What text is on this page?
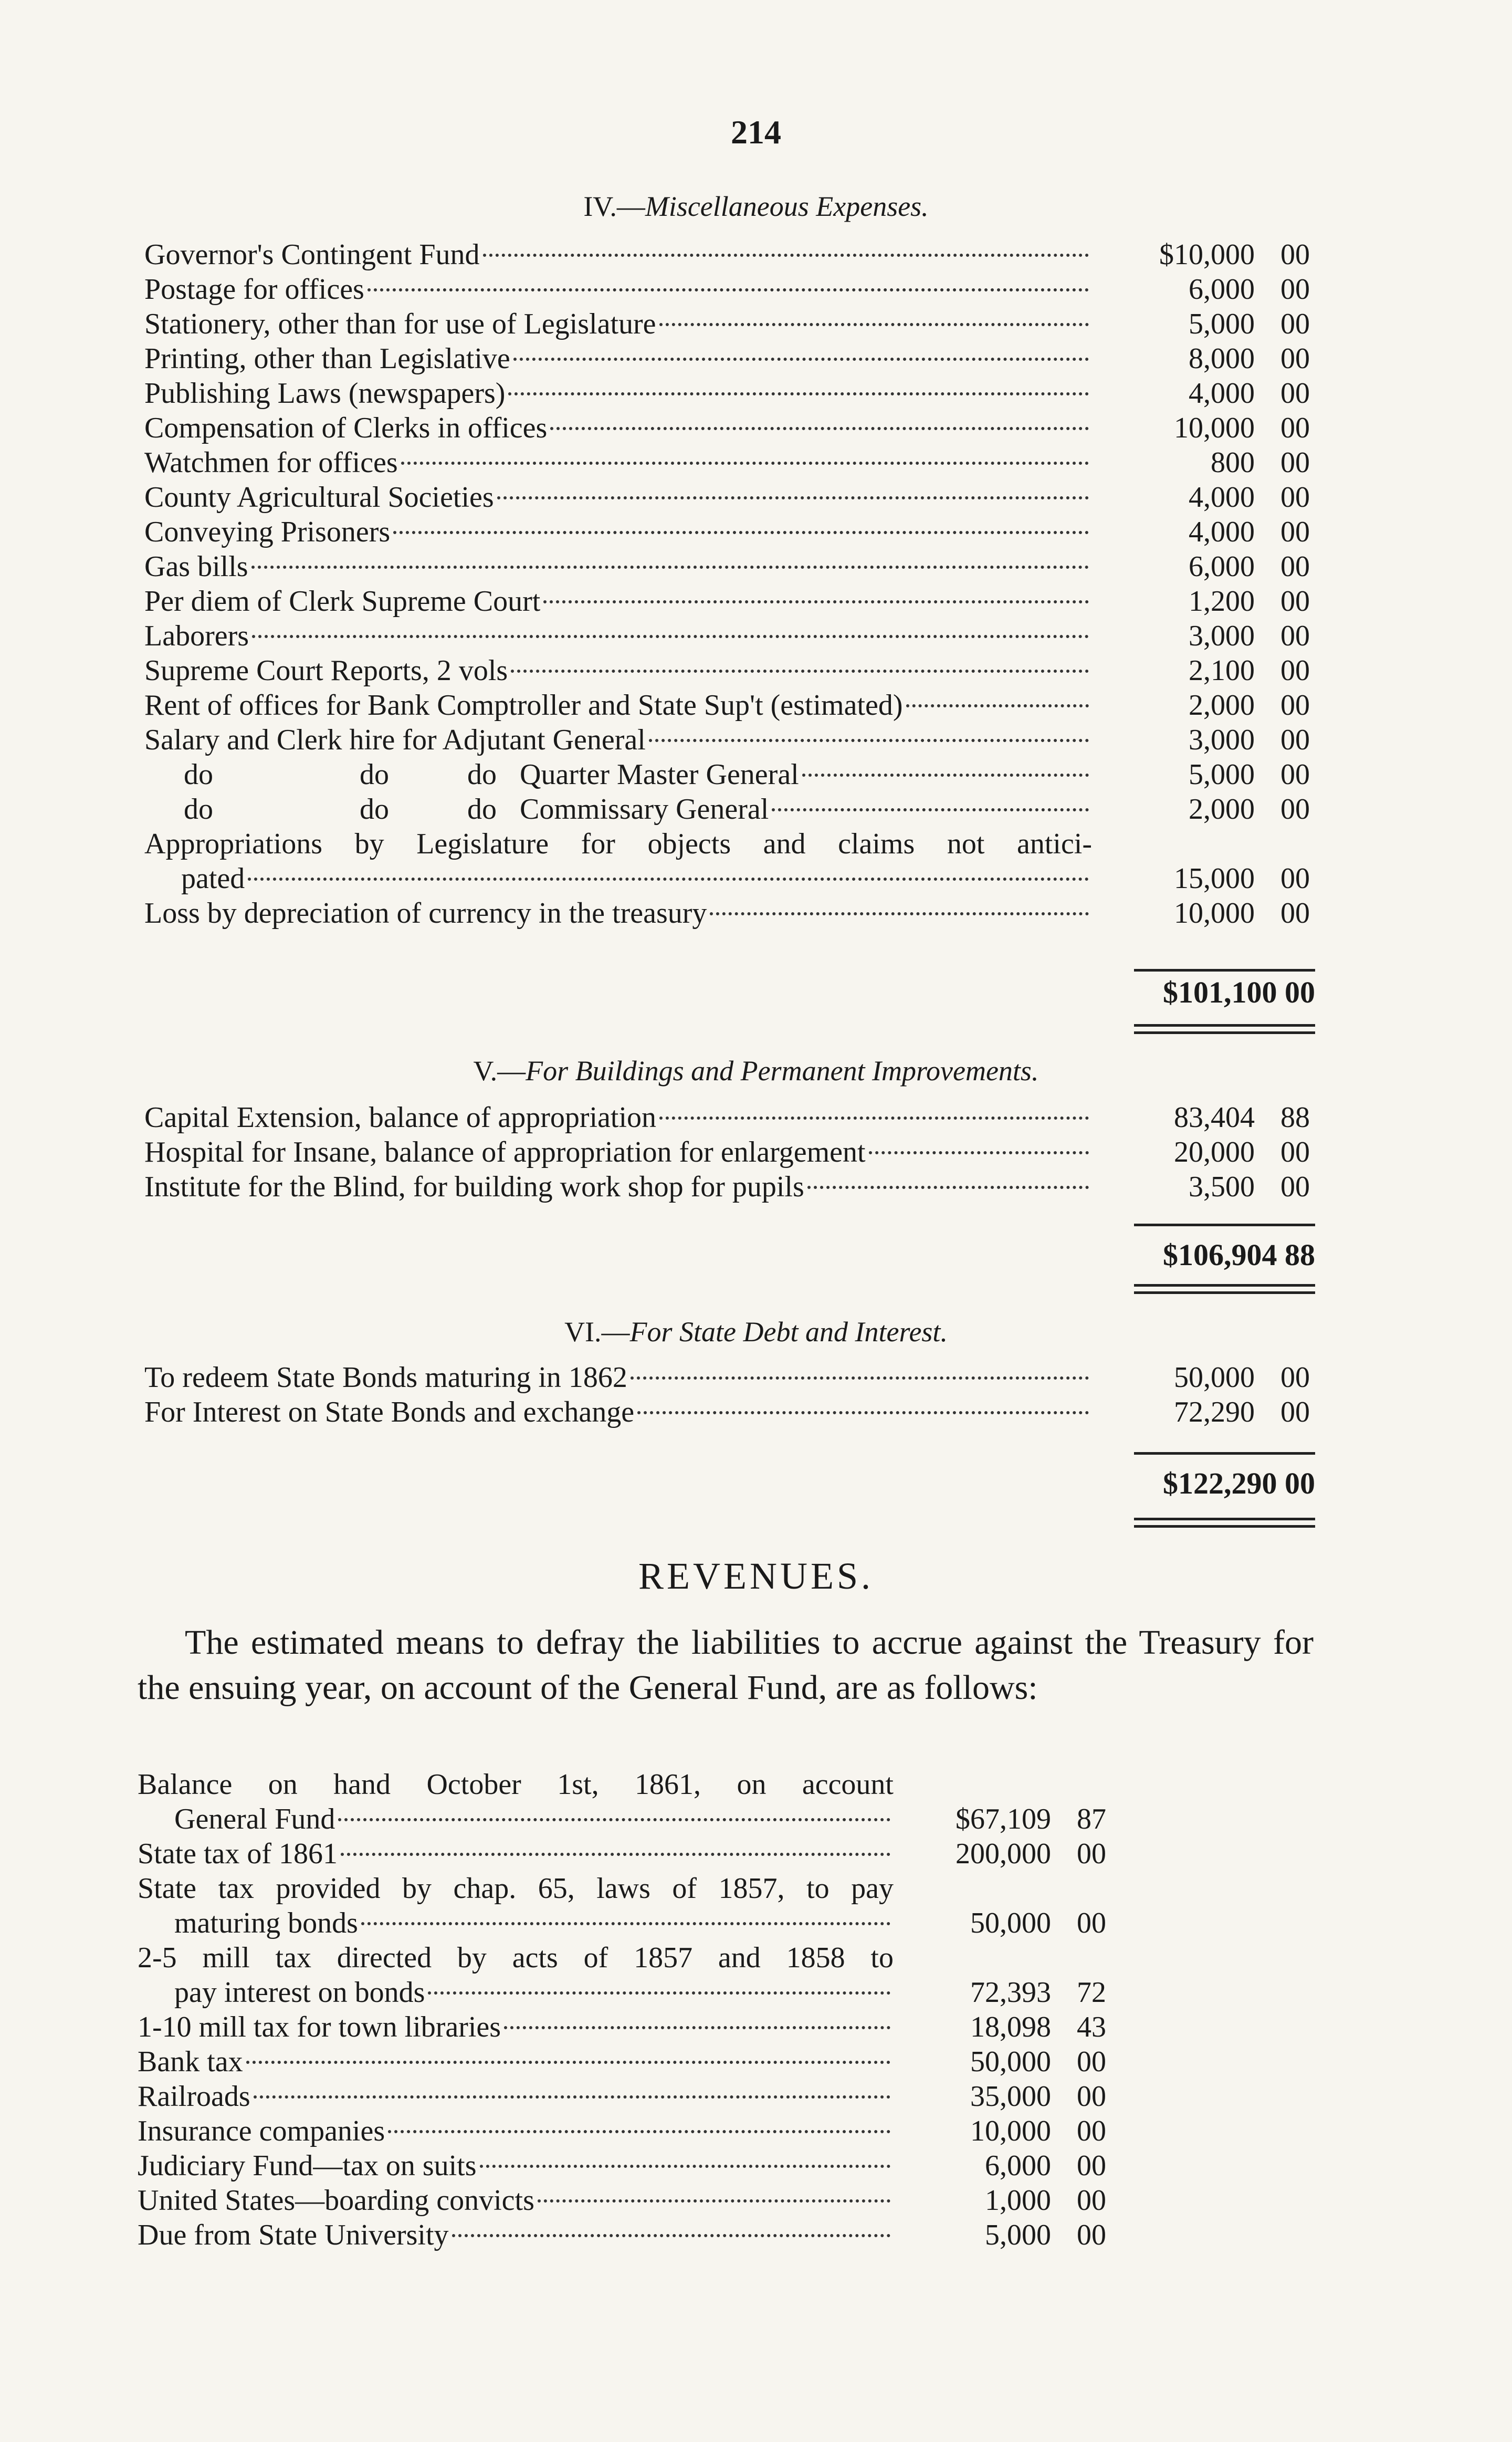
214
IV.—Miscellaneous Expenses.
Governor's Contingent Fund	$10,000 00
Postage for offices	6,000 00
Stationery, other than for use of Legislature	5,000 00
Printing, other than Legislative	8,000 00
Publishing Laws (newspapers)	4,000 00
Compensation of Clerks in offices	10,000 00
Watchmen for offices	800 00
County Agricultural Societies	4,000 00
Conveying Prisoners	4,000 00
Gas bills	6,000 00
Per diem of Clerk Supreme Court	1,200 00
Laborers	3,000 00
Supreme Court Reports, 2 vols	2,100 00
Rent of offices for Bank Comptroller and State Sup't (estimated)	2,000 00
Salary and Clerk hire for Adjutant General	3,000 00
do	do	do Quarter Master General	5,000 00
do	do	do Commissary General	2,000 00
Appropriations by Legislature for objects and claims not antici-
pated	15,000 00
Loss by depreciation of currency in the treasury	10,000 00
$101,100 00
V.—For Buildings and Permanent Improvements.
Capital Extension, balance of appropriation	83,404 88
Hospital for Insane, balance of appropriation for enlargement	20,000 00
Institute for the Blind, for building work shop for pupils	3,500 00
$106,904 88
VI.—For State Debt and Interest.
To redeem State Bonds maturing in 1862	50,000 00
For Interest on State Bonds and exchange	72,290 00
$122,290 00
REVENUES.
The estimated means to defray the liabilities to accrue against the Treasury for the ensuing year, on account of the General Fund, are as follows:
Balance on hand October 1st, 1861, on account
General Fund	$67,109 87
State tax of 1861	200,000 00
State tax provided by chap. 65, laws of 1857, to pay
maturing bonds	50,000 00
2-5 mill tax directed by acts of 1857 and 1858 to
pay interest on bonds	72,393 72
1-10 mill tax for town libraries	18,098 43
Bank tax	50,000 00
Railroads	35,000 00
Insurance companies	10,000 00
Judiciary Fund—tax on suits	6,000 00
United States—boarding convicts	1,000 00
Due from State University	5,000 00
